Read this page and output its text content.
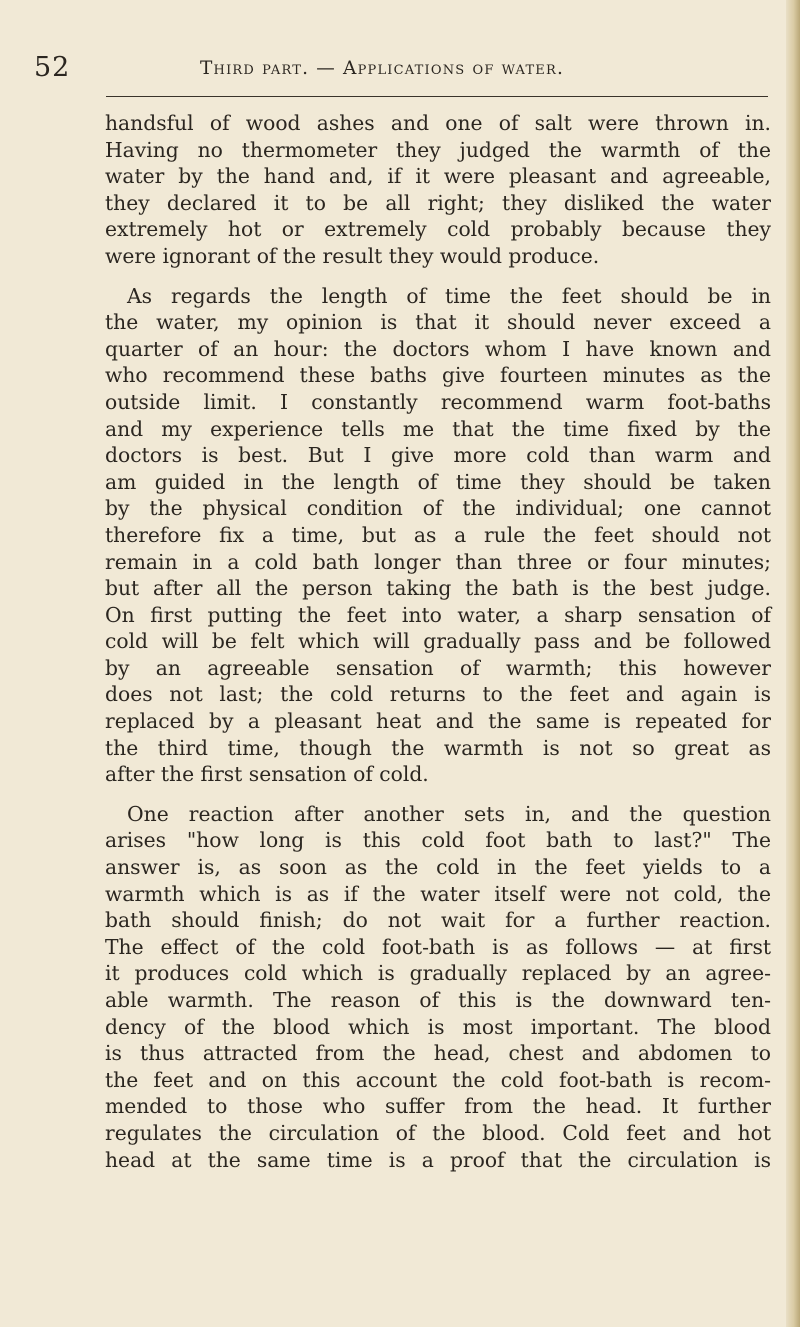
52	Third part. — Applications of water.
handsful of wood ashes and one of salt were thrown in.
Having no thermometer they judged the warmth of the
water by the hand and, if it were pleasant and agreeable,
they declared it to be all right; they disliked the water
extremely hot or extremely cold probably because they
were ignorant of the result they would produce.
As regards the length of time the feet should be in
the water, my opinion is that it should never exceed a
quarter of an hour: the doctors whom I have known and
who recommend these baths give fourteen minutes as the
outside limit. I constantly recommend warm foot-baths
and my experience tells me that the time fixed by the
doctors is best. But I give more cold than warm and
am guided in the length of time they should be taken
by the physical condition of the individual; one cannot
therefore fix a time, but as a rule the feet should not
remain in a cold bath longer than three or four minutes;
but after all the person taking the bath is the best judge.
On first putting the feet into water, a sharp sensation of
cold will be felt which will gradually pass and be followed
by an agreeable sensation of warmth; this however
does not last; the cold returns to the feet and again is
replaced by a pleasant heat and the same is repeated for
the third time, though the warmth is not so great as
after the first sensation of cold.
One reaction after another sets in, and the question
arises "how long is this cold foot bath to last?" The
answer is, as soon as the cold in the feet yields to a
warmth which is as if the water itself were not cold, the
bath should finish; do not wait for a further reaction.
The effect of the cold foot-bath is as follows — at first
it produces cold which is gradually replaced by an agree-
able warmth. The reason of this is the downward ten-
dency of the blood which is most important. The blood
is thus attracted from the head, chest and abdomen to
the feet and on this account the cold foot-bath is recom-
mended to those who suffer from the head. It further
regulates the circulation of the blood. Cold feet and hot
head at the same time is a proof that the circulation is
